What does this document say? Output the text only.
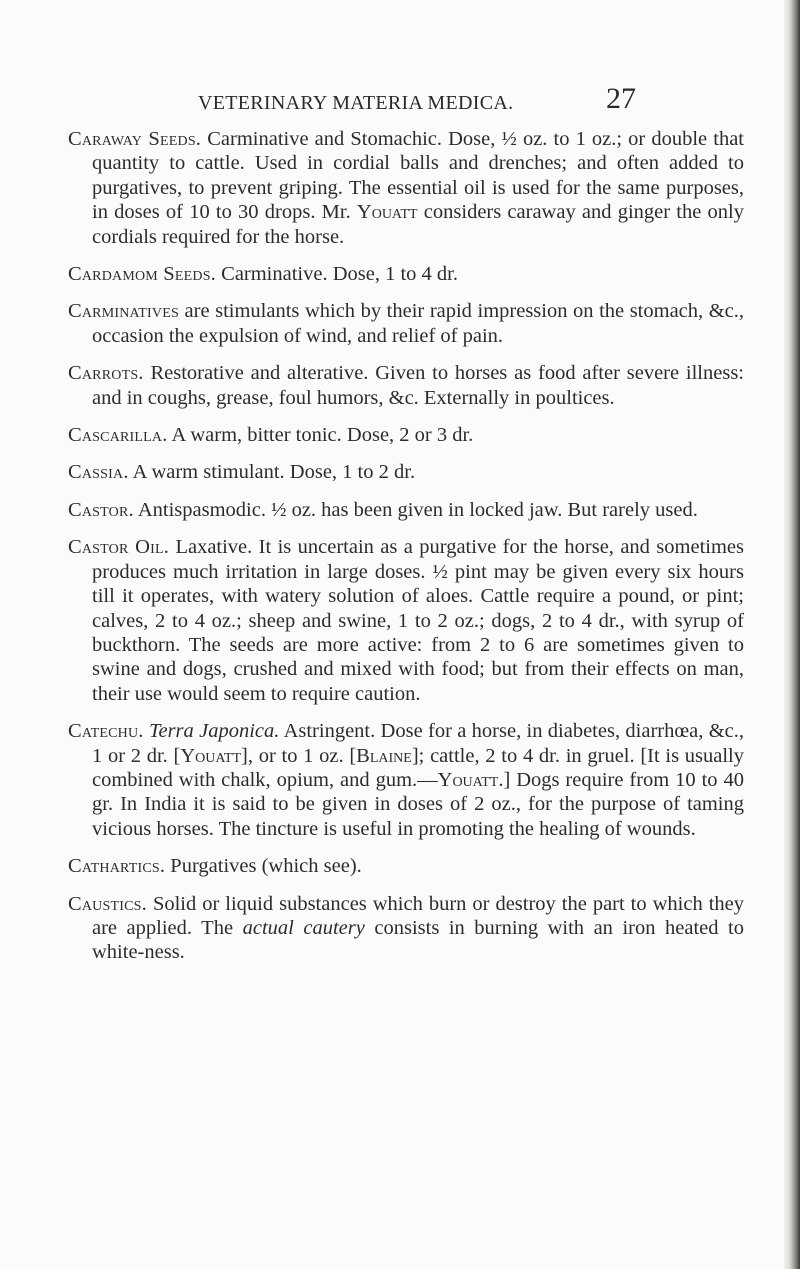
VETERINARY MATERIA MEDICA.	27

Caraway Seeds. Carminative and Stomachic. Dose, ½ oz. to 1 oz.; or double that quantity to cattle. Used in cordial balls and drenches; and often added to purgatives, to prevent griping. The essential oil is used for the same purposes, in doses of 10 to 30 drops. Mr. Youatt considers caraway and ginger the only cordials required for the horse.

Cardamom Seeds. Carminative. Dose, 1 to 4 dr.

Carminatives are stimulants which by their rapid impression on the stomach, &c., occasion the expulsion of wind, and relief of pain.

Carrots. Restorative and alterative. Given to horses as food after severe illness: and in coughs, grease, foul humors, &c. Externally in poultices.

Cascarilla. A warm, bitter tonic. Dose, 2 or 3 dr.

Cassia. A warm stimulant. Dose, 1 to 2 dr.

Castor. Antispasmodic. ½ oz. has been given in locked jaw. But rarely used.

Castor Oil. Laxative. It is uncertain as a purgative for the horse, and sometimes produces much irritation in large doses. ½ pint may be given every six hours till it operates, with watery solution of aloes. Cattle require a pound, or pint; calves, 2 to 4 oz.; sheep and swine, 1 to 2 oz.; dogs, 2 to 4 dr., with syrup of buckthorn. The seeds are more active: from 2 to 6 are sometimes given to swine and dogs, crushed and mixed with food; but from their effects on man, their use would seem to require caution.

Catechu. Terra Japonica. Astringent. Dose for a horse, in diabetes, diarrhœa, &c., 1 or 2 dr. [Youatt], or to 1 oz. [Blaine]; cattle, 2 to 4 dr. in gruel. [It is usually combined with chalk, opium, and gum.—Youatt.] Dogs require from 10 to 40 gr. In India it is said to be given in doses of 2 oz., for the purpose of taming vicious horses. The tincture is useful in promoting the healing of wounds.

Cathartics. Purgatives (which see).

Caustics. Solid or liquid substances which burn or destroy the part to which they are applied. The actual cautery consists in burning with an iron heated to white-ness.
